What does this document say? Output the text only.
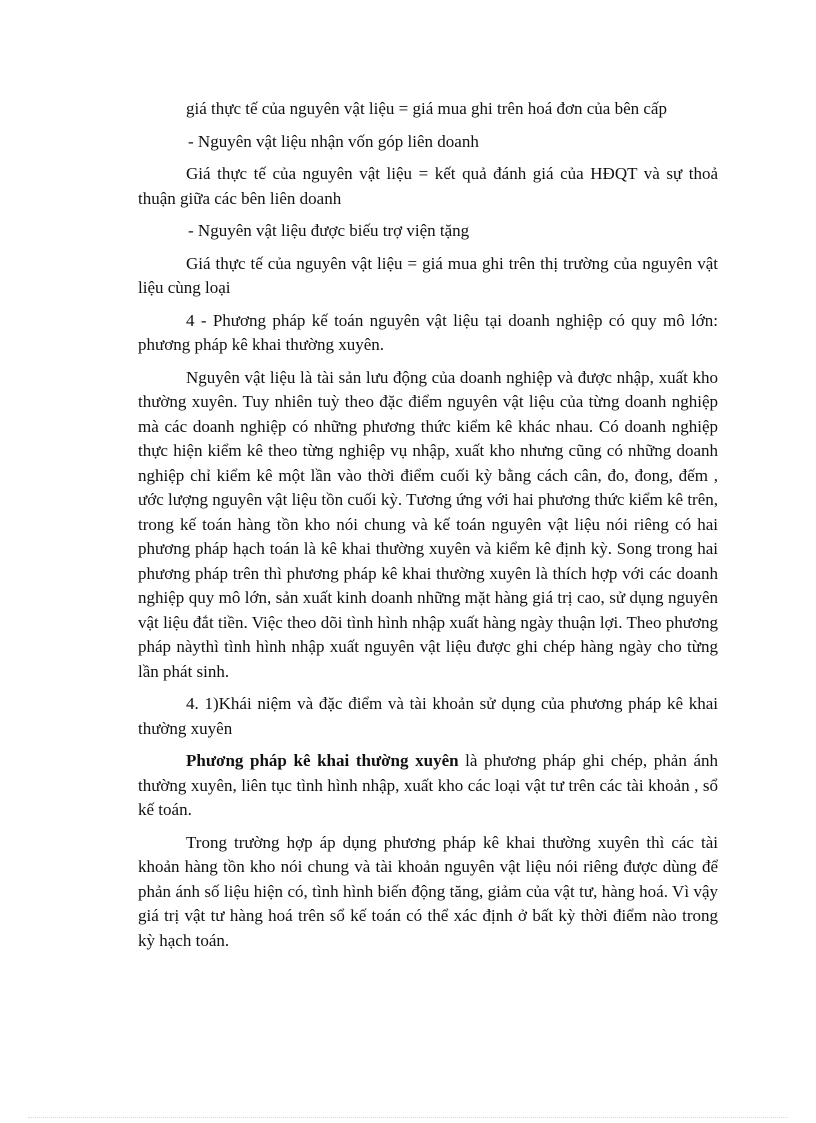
giá thực tế của nguyên vật liệu = giá mua ghi trên hoá đơn của bên cấp

- Nguyên vật liệu nhận vốn góp liên doanh

Giá thực tế của nguyên vật liệu = kết quả đánh giá của HĐQT và sự thoả thuận giữa các bên liên doanh

- Nguyên vật liệu được biếu trợ viện tặng

Giá thực tế của nguyên vật liệu = giá mua ghi trên thị trường của nguyên vật liệu cùng loại

4 - Phương pháp kế toán nguyên vật liệu tại doanh nghiệp có quy mô lớn: phương pháp kê khai thường xuyên.

Nguyên vật liệu là tài sản lưu động của doanh nghiệp và được nhập, xuất kho thường xuyên. Tuy nhiên tuỳ theo đặc điểm nguyên vật liệu của từng doanh nghiệp mà các doanh nghiệp có những phương thức kiểm kê khác nhau. Có doanh nghiệp thực hiện kiểm kê theo từng nghiệp vụ nhập, xuất kho nhưng cũng có những doanh nghiệp chỉ kiểm kê một lần vào thời điểm cuối kỳ bằng cách cân, đo, đong, đếm , ước lượng nguyên vật liệu tồn cuối kỳ. Tương ứng với hai phương thức kiểm kê trên, trong kế toán hàng tồn kho nói chung và kế toán nguyên vật liệu nói riêng có hai phương pháp hạch toán là kê khai thường xuyên và kiểm kê định kỳ. Song trong hai phương pháp trên thì phương pháp kê khai thường xuyên là thích hợp với các doanh nghiệp quy mô lớn, sản xuất kinh doanh những mặt hàng giá trị cao, sử dụng nguyên vật liệu đắt tiền. Việc theo dõi tình hình nhập xuất hàng ngày thuận lợi. Theo phương pháp nàythì tình hình nhập xuất nguyên vật liệu được ghi chép hàng ngày cho từng lần phát sinh.

4. 1)Khái niệm và đặc điểm và tài khoản sử dụng của phương pháp kê khai thường xuyên

Phương pháp kê khai thường xuyên là phương pháp ghi chép, phản ánh thường xuyên, liên tục tình hình nhập, xuất kho các loại vật tư trên các tài khoản , sổ kế toán.

Trong trường hợp áp dụng phương pháp kê khai thường xuyên thì các tài khoản hàng tồn kho nói chung và tài khoản nguyên vật liệu nói riêng được dùng để phản ánh số liệu hiện có, tình hình biến động tăng, giảm của vật tư, hàng hoá. Vì vậy giá trị vật tư hàng hoá trên sổ kế toán có thể xác định ở bất kỳ thời điểm nào trong kỳ hạch toán.
